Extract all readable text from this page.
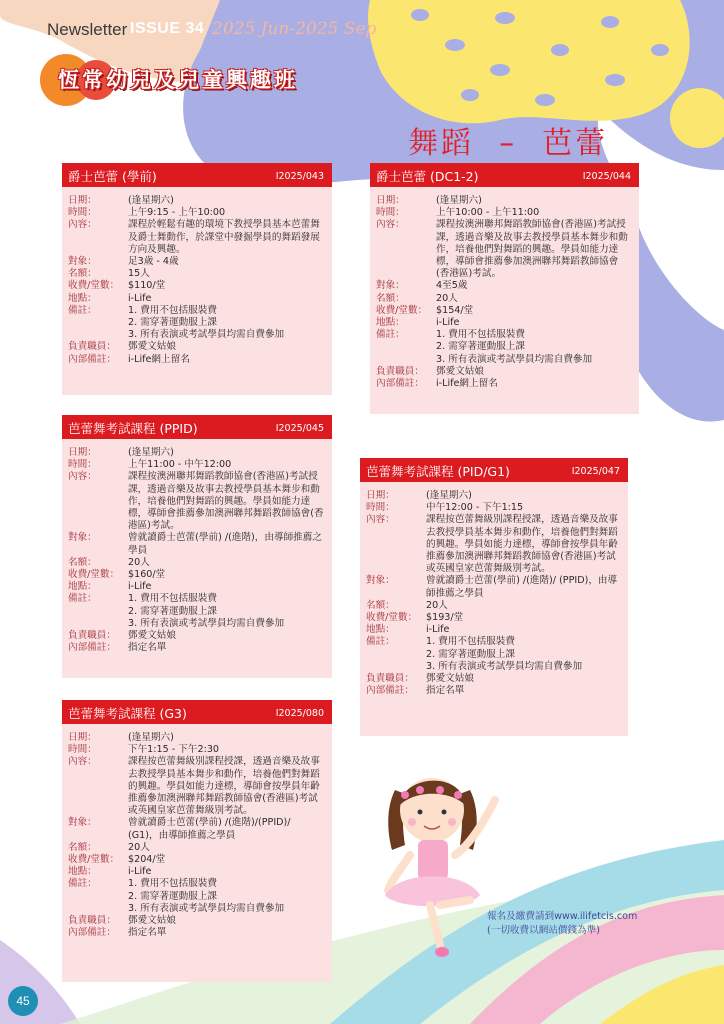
Newsletter ISSUE 34 2025 Jun-2025 Sep
恆常幼兒及兒童興趣班
舞蹈  –  芭蕾
爵士芭蕾 (學前)	I2025/043
日期：	(逢星期六)
時間：	上午9:15 - 上午10:00
內容：	課程於輕鬆有趣的環境下教授學員基本芭蕾舞及爵士舞動作，於課堂中發掘學員的舞蹈發展方向及興趣。
對象：	足3歲 - 4歲
名額：	15人
收費/堂數： $110/堂
地點：	i-Life
備註：	1. 費用不包括服裝費
2. 需穿著運動服上課
3. 所有表演或考試學員均需自費參加
負責職員：	鄧愛文姑娘
內部備註：	i-Life網上留名
爵士芭蕾 (DC1-2)	I2025/044
日期：	(逢星期六)
時間：	上午10:00 - 上午11:00
內容：	課程按澳洲聯邦舞蹈教師協會(香港區)考試授課，透過音樂及故事去教授學員基本舞步和動作，培養他們對舞蹈的興趣。學員如能力達標，導師會推薦參加澳洲聯邦舞蹈教師協會(香港區)考試。
對象：	4至5歲
名額：	20人
收費/堂數： $154/堂
地點：	i-Life
備註：	1. 費用不包括服裝費
2. 需穿著運動服上課
3. 所有表演或考試學員均需自費參加
負責職員：	鄧愛文姑娘
內部備註：	i-Life網上留名
芭蕾舞考試課程 (PPID)	I2025/045
日期：	(逢星期六)
時間：	上午11:00 - 中午12:00
內容：	課程按澳洲聯邦舞蹈教師協會(香港區)考試授課，透過音樂及故事去教授學員基本舞步和動作，培養他們對舞蹈的興趣。學員如能力達標，導師會推薦參加澳洲聯邦舞蹈教師協會(香港區)考試。
對象：	曾就讀爵士芭蕾(學前) /(進階)，由導師推薦之學員
名額：	20人
收費/堂數： $160/堂
地點：	i-Life
備註：	1. 費用不包括服裝費
2. 需穿著運動服上課
3. 所有表演或考試學員均需自費參加
負責職員：	鄧愛文姑娘
內部備註：	指定名單
芭蕾舞考試課程 (PID/G1)	I2025/047
日期：	(逢星期六)
時間：	中午12:00 - 下午1:15
內容：	課程按芭蕾舞級別課程授課，透過音樂及故事去教授學員基本舞步和動作，培養他們對舞蹈的興趣。學員如能力達標，導師會按學員年齡推薦參加澳洲聯邦舞蹈教師協會(香港區)考試或英國皇家芭蕾舞級別考試。
對象：	曾就讀爵士芭蕾(學前) /(進階)/ (PPID)，由導師推薦之學員
名額：	20人
收費/堂數： $193/堂
地點：	i-Life
備註：	1. 費用不包括服裝費
2. 需穿著運動服上課
3. 所有表演或考試學員均需自費參加
負責職員：	鄧愛文姑娘
內部備註：	指定名單
芭蕾舞考試課程 (G3)	I2025/080
日期：	(逢星期六)
時間：	下午1:15 - 下午2:30
內容：	課程按芭蕾舞級別課程授課，透過音樂及故事去教授學員基本舞步和動作，培養他們對舞蹈的興趣。學員如能力達標，導師會按學員年齡推薦參加澳洲聯邦舞蹈教師協會(香港區)考試或英國皇家芭蕾舞級別考試。
對象：	曾就讀爵士芭蕾(學前) /(進階)/(PPID)/ (G1)，由導師推薦之學員
名額：	20人
收費/堂數： $204/堂
地點：	i-Life
備註：	1. 費用不包括服裝費
2. 需穿著運動服上課
3. 所有表演或考試學員均需自費參加
負責職員：	鄧愛文姑娘
內部備註：	指定名單
報名及繳費請到www.ilifetcis.com
(一切收費以網站價錢為準)
45
